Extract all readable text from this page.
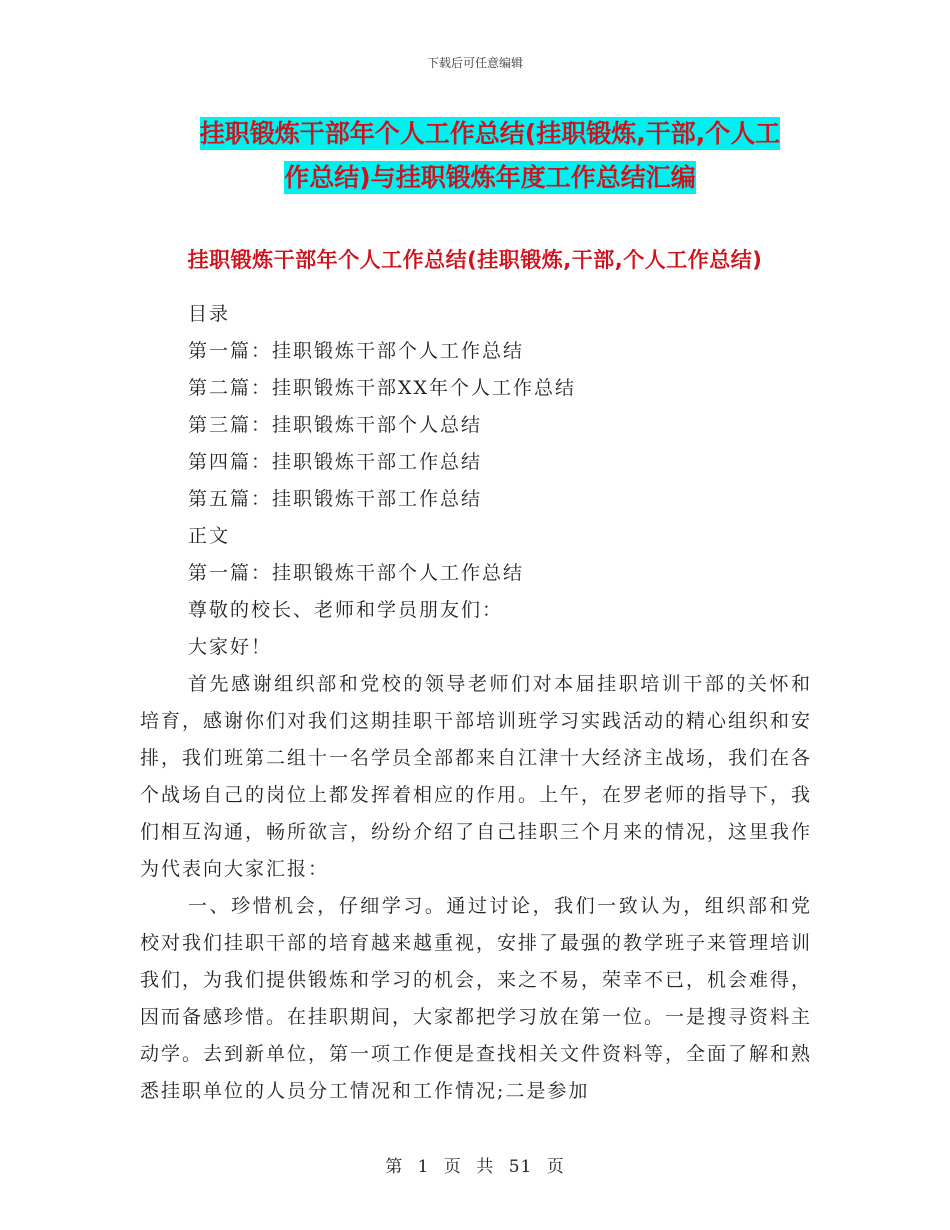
下载后可任意编辑
挂职锻炼干部年个人工作总结(挂职锻炼,干部,个人工
作总结)与挂职锻炼年度工作总结汇编
挂职锻炼干部年个人工作总结(挂职锻炼,干部,个人工作总结)
目录
第一篇：挂职锻炼干部个人工作总结
第二篇：挂职锻炼干部XX年个人工作总结
第三篇：挂职锻炼干部个人总结
第四篇：挂职锻炼干部工作总结
第五篇：挂职锻炼干部工作总结
正文
第一篇：挂职锻炼干部个人工作总结
尊敬的校长、老师和学员朋友们：
大家好！

首先感谢组织部和党校的领导老师们对本届挂职培训干部的关怀和培育，感谢你们对我们这期挂职干部培训班学习实践活动的精心组织和安排，我们班第二组十一名学员全部都来自江津十大经济主战场，我们在各个战场自己的岗位上都发挥着相应的作用。上午，在罗老师的指导下，我们相互沟通，畅所欲言，纷纷介绍了自己挂职三个月来的情况，这里我作为代表向大家汇报：

一、珍惜机会，仔细学习。通过讨论，我们一致认为，组织部和党校对我们挂职干部的培育越来越重视，安排了最强的教学班子来管理培训我们，为我们提供锻炼和学习的机会，来之不易，荣幸不已，机会难得，因而备感珍惜。在挂职期间，大家都把学习放在第一位。一是搜寻资料主动学。去到新单位，第一项工作便是查找相关文件资料等，全面了解和熟悉挂职单位的人员分工情况和工作情况;二是参加

第 1 页 共 51 页
